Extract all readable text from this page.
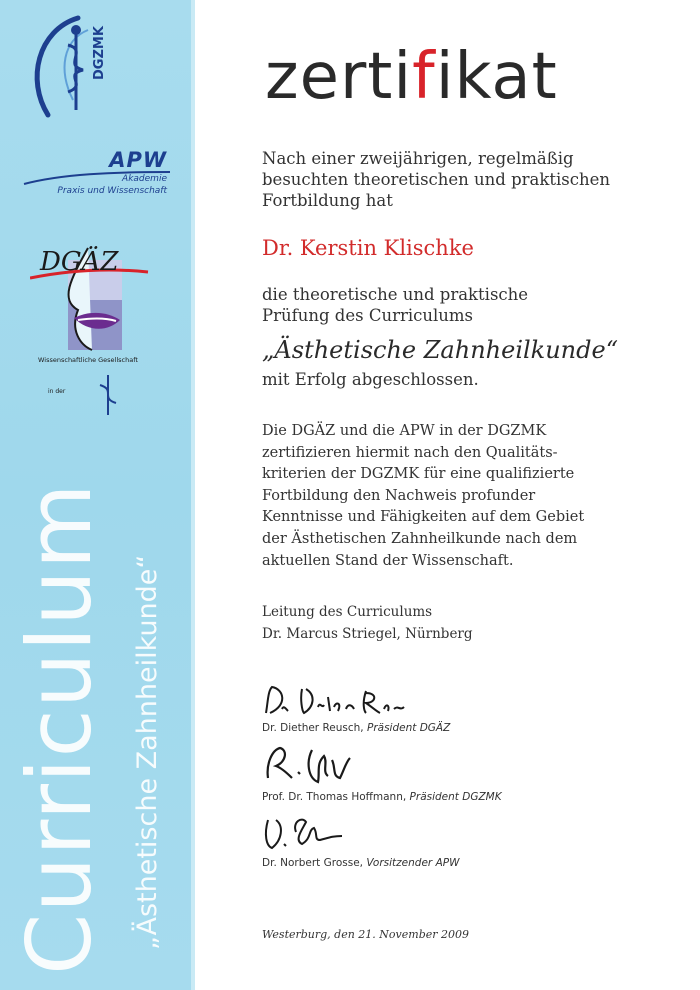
DGZMK
APW
Akademie
Praxis und Wissenschaft
DGÄZ
Wissenschaftliche Gesellschaft
in der
Curriculum „Ästhetische Zahnheilkunde“
zertifikat
Nach einer zweijährigen, regelmäßig
besuchten theoretischen und praktischen
Fortbildung hat
Dr. Kerstin Klischke
die theoretische und praktische
Prüfung des Curriculums
„Ästhetische Zahnheilkunde“
mit Erfolg abgeschlossen.
Die DGÄZ und die APW in der DGZMK
zertifizieren hiermit nach den Qualitäts-
kriterien der DGZMK für eine qualifizierte
Fortbildung den Nachweis profunder
Kenntnisse und Fähigkeiten auf dem Gebiet
der Ästhetischen Zahnheilkunde nach dem
aktuellen Stand der Wissenschaft.
Leitung des Curriculums
Dr. Marcus Striegel, Nürnberg
Dr. Diether Reusch, Präsident DGÄZ
Prof. Dr. Thomas Hoffmann, Präsident DGZMK
Dr. Norbert Grosse, Vorsitzender APW
Westerburg, den 21. November 2009
